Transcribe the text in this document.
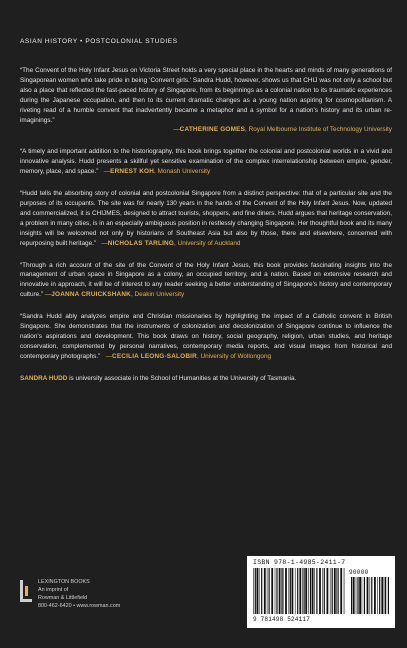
ASIAN HISTORY • POSTCOLONIAL STUDIES

“The Convent of the Holy Infant Jesus on Victoria Street holds a very special place in the hearts and minds of many generations of Singaporean women who take pride in being ‘Convent girls.’ Sandra Hudd, however, shows us that CHIJ was not only a school but also a place that reflected the fast-paced history of Singapore, from its beginnings as a colonial nation to its traumatic experiences during the Japanese occupation, and then to its current dramatic changes as a young nation aspiring for cosmopolitanism. A riveting read of a humble convent that inadvertently became a metaphor and a symbol for a nation’s history and its urban re-imaginings.”
—CATHERINE GOMES, Royal Melbourne Institute of Technology University

“A timely and important addition to the historiography, this book brings together the colonial and postcolonial worlds in a vivid and innovative analysis. Hudd presents a skillful yet sensitive examination of the complex interrelationship between empire, gender, memory, place, and space.” —ERNEST KOH, Monash University

“Hudd tells the absorbing story of colonial and postcolonial Singapore from a distinct perspective: that of a particular site and the purposes of its occupants. The site was for nearly 130 years in the hands of the Convent of the Holy Infant Jesus. Now, updated and commercialized, it is CHIJMES, designed to attract tourists, shoppers, and fine diners. Hudd argues that heritage conservation, a problem in many cities, is in an especially ambiguous position in restlessly changing Singapore. Her thoughtful book and its many insights will be welcomed not only by historians of Southeast Asia but also by those, there and elsewhere, concerned with repurposing built heritage.” —NICHOLAS TARLING, University of Auckland

“Through a rich account of the site of the Convent of the Holy Infant Jesus, this book provides fascinating insights into the management of urban space in Singapore as a colony, an occupied territory, and a nation. Based on extensive research and innovative in approach, it will be of interest to any reader seeking a better understanding of Singapore’s history and contemporary culture.” —JOANNA CRUICKSHANK, Deakin University

“Sandra Hudd ably analyzes empire and Christian missionaries by highlighting the impact of a Catholic convent in British Singapore. She demonstrates that the instruments of colonization and decolonization of Singapore continue to influence the nation’s aspirations and development. This book draws on history, social geography, religion, urban studies, and heritage conservation, complemented by personal narratives, contemporary media reports, and visual images from historical and contemporary photographs.” —CECILIA LEONG-SALOBIR, University of Wollongong

SANDRA HUDD is university associate in the School of Humanities at the University of Tasmania.
LEXINGTON BOOKS
An imprint of
Rowman & Littlefield
800-462-6420 • www.rowman.com
ISBN 978-1-4985-2411-7
90000
9 781498 524117
